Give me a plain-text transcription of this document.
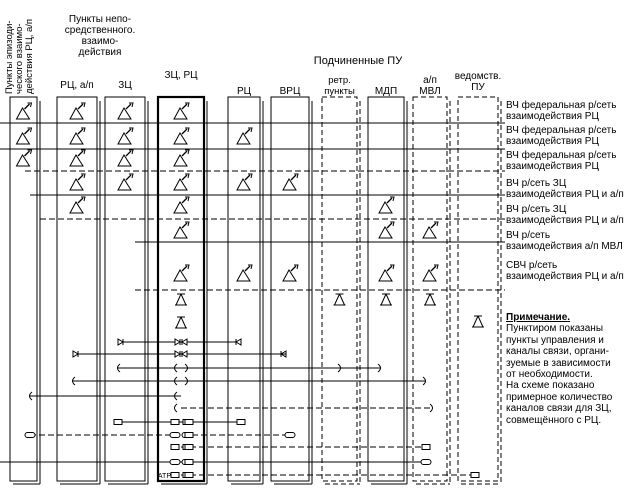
АТР
Пункты эпизоди- ческого взаимо- действия РЦ, а/п	Пункты непо-
средственного.
взаимо-
действия
Подчиненные ПУ
РЦ, а/п ЗЦ
ЗЦ, РЦ
РЦ	ВРЦ
ретр.
пункты МДП
а/п
МВЛ
ведомств.
ПУ
ВЧ федеральная р/сеть
взаимодействия РЦ
ВЧ федеральная р/сеть
взаимодействия РЦ
ВЧ федеральная р/сеть
взаимодействия РЦ
ВЧ р/сеть ЗЦ
взаимодействия РЦ и а/п
ВЧ р/сеть ЗЦ
взаимодействия РЦ и а/п
ВЧ р/сеть
взаимодействия а/п МВЛ
СВЧ р/сеть
взаимодействия РЦ и а/п
Примечание.
Пунктиром показаны
пункты управления и
каналы связи, органи-
зуемые в зависимости
от необходимости.
На схеме показано
примерное количество
каналов связи для ЗЦ,
совмещённого с РЦ.
